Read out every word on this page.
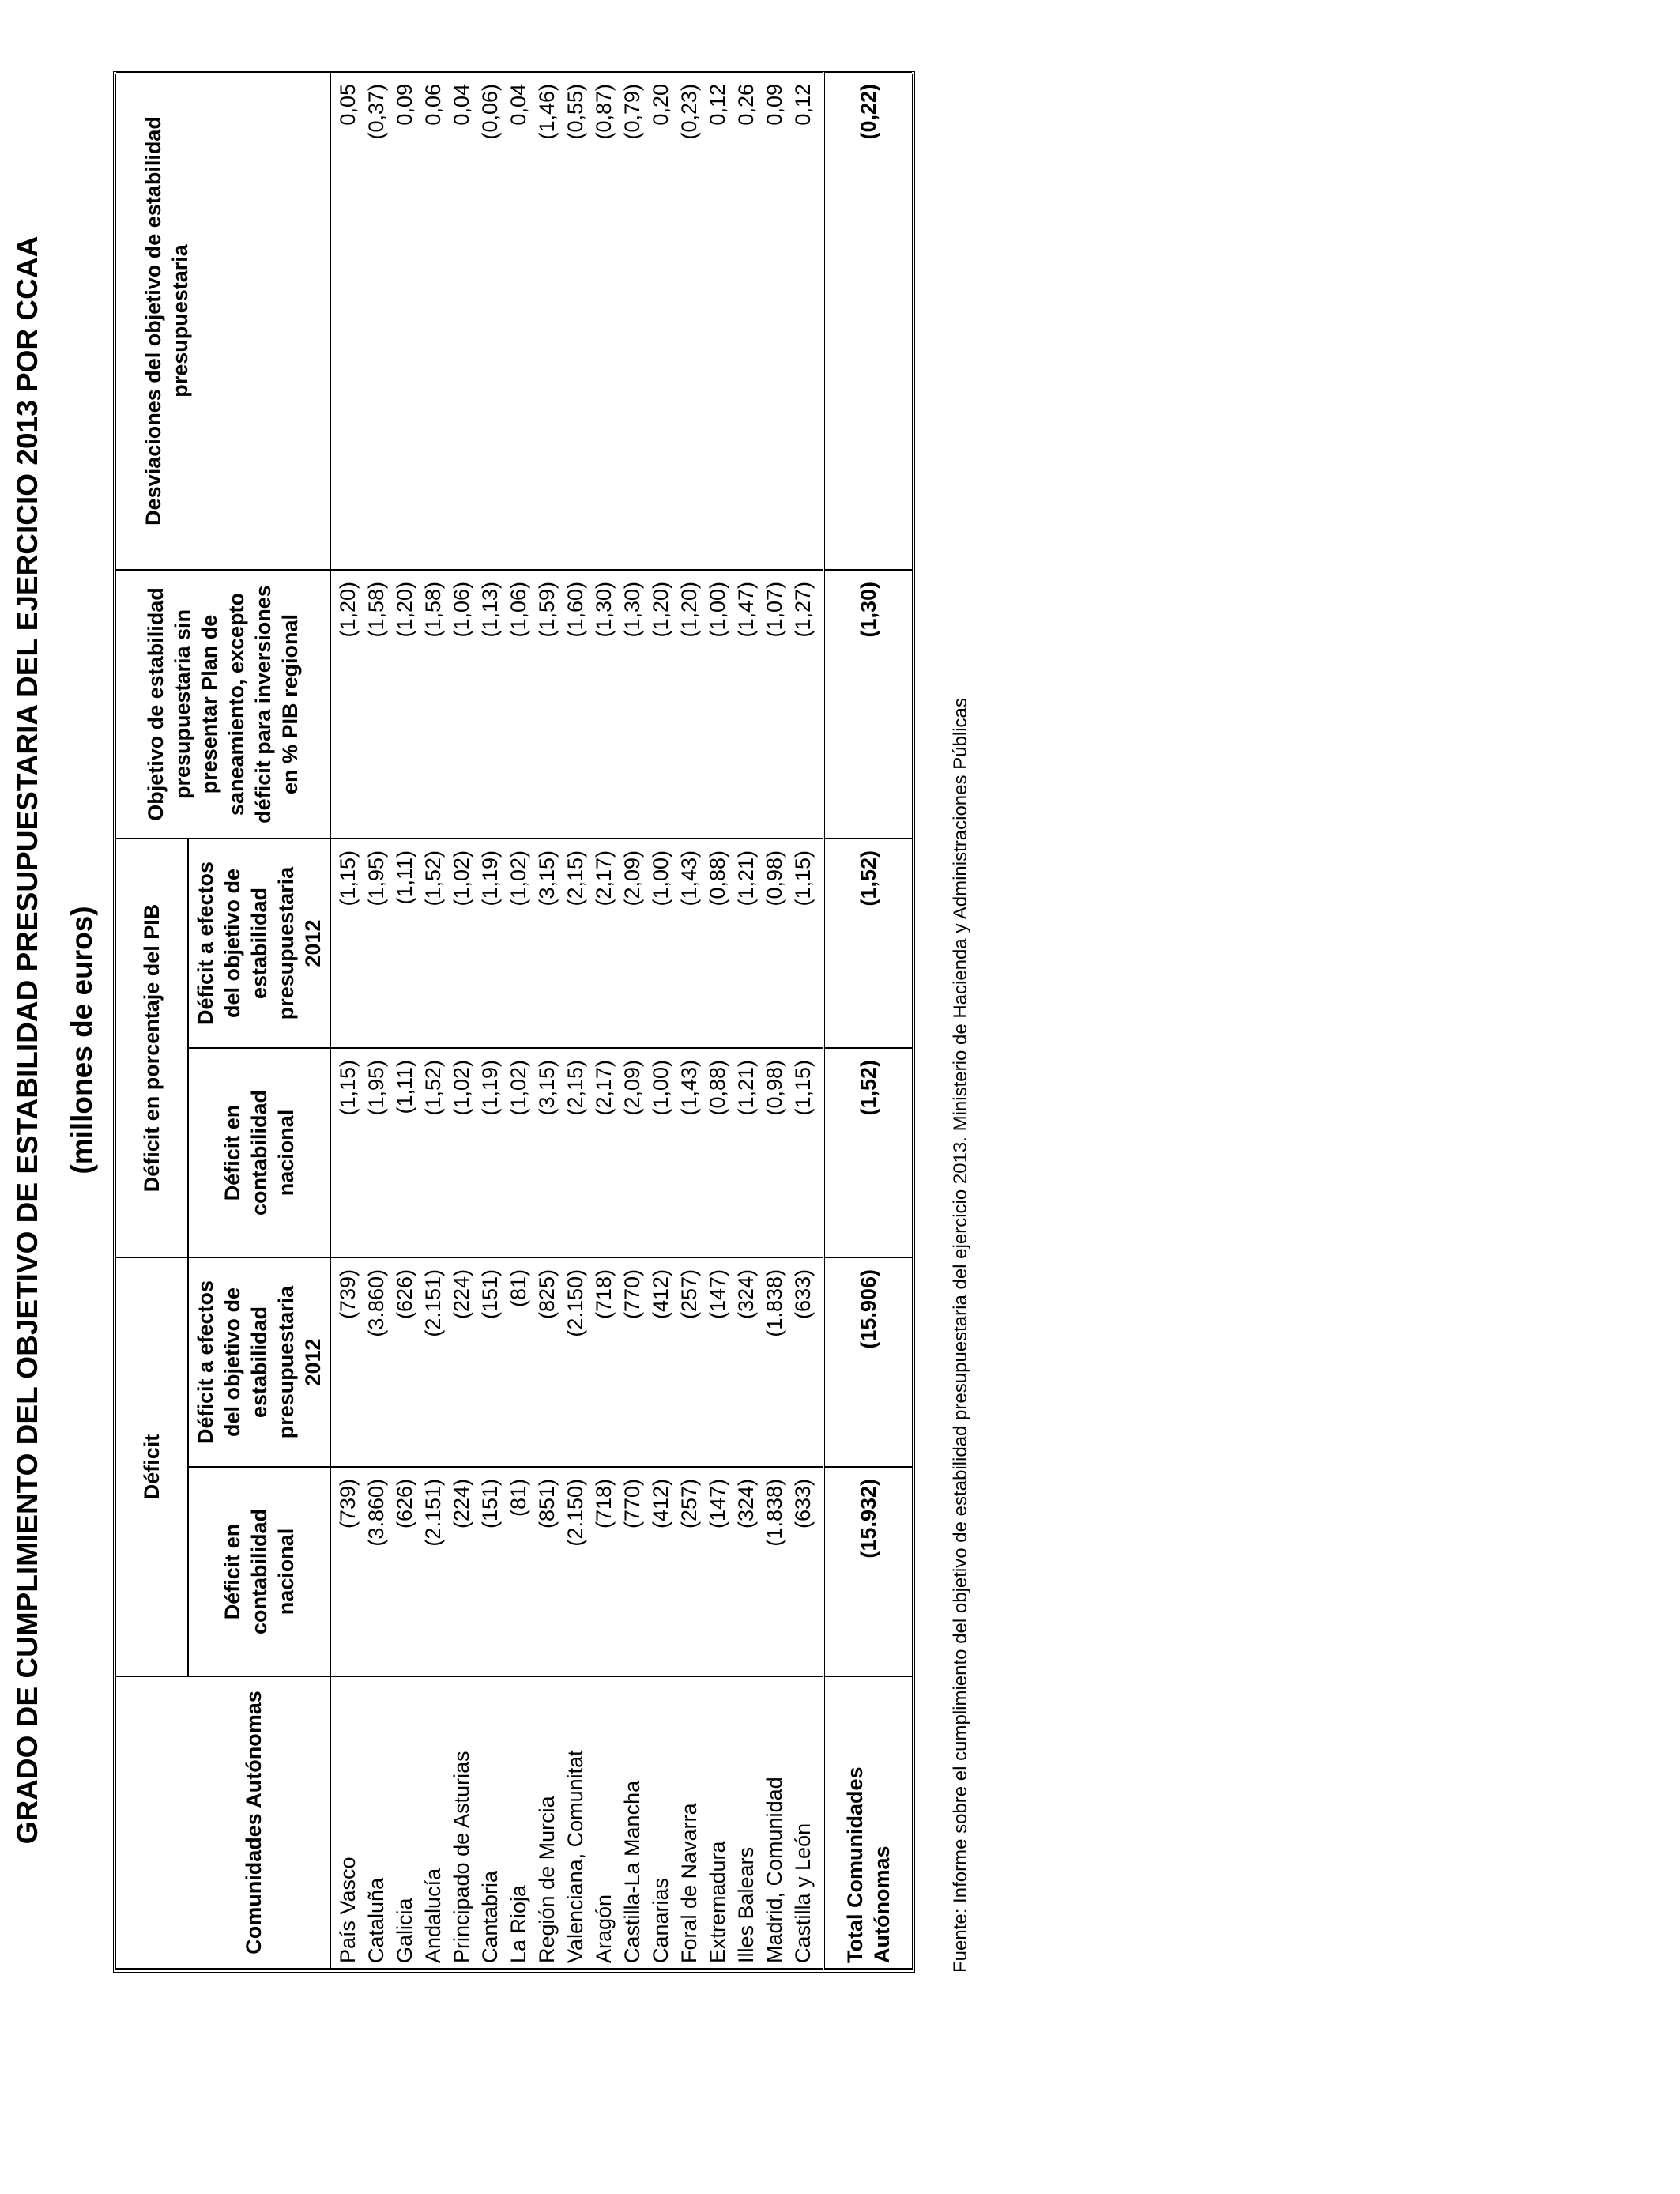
GRADO DE CUMPLIMIENTO DEL OBJETIVO DE ESTABILIDAD PRESUPUESTARIA DEL EJERCICIO 2013 POR CCAA (millones de euros)
Comunidades Autónomas	Déficit		Déficit en porcentaje del PIB		Objetivo de estabilidad presupuestaria sin presentar Plan de saneamiento, excepto déficit para inversiones en % PIB regional	Desviaciones del objetivo de estabilidad presupuestaria
	Déficit en contabilidad nacional	Déficit a efectos del objetivo de estabilidad presupuestaria 2012	Déficit en contabilidad nacional	Déficit a efectos del objetivo de estabilidad presupuestaria 2012		
País Vasco	(739)	(739)	(1,15)	(1,15)	(1,20)	0,05
Cataluña	(3.860)	(3.860)	(1,95)	(1,95)	(1,58)	(0,37)
Galicia	(626)	(626)	(1,11)	(1,11)	(1,20)	0,09
Andalucía	(2.151)	(2.151)	(1,52)	(1,52)	(1,58)	0,06
Principado de Asturias	(224)	(224)	(1,02)	(1,02)	(1,06)	0,04
Cantabria	(151)	(151)	(1,19)	(1,19)	(1,13)	(0,06)
La Rioja	(81)	(81)	(1,02)	(1,02)	(1,06)	0,04
Región de Murcia	(851)	(825)	(3,15)	(3,15)	(1,59)	(1,46)
Valenciana, Comunitat	(2.150)	(2.150)	(2,15)	(2,15)	(1,60)	(0,55)
Aragón	(718)	(718)	(2,17)	(2,17)	(1,30)	(0,87)
Castilla-La Mancha	(770)	(770)	(2,09)	(2,09)	(1,30)	(0,79)
Canarias	(412)	(412)	(1,00)	(1,00)	(1,20)	0,20
Foral de Navarra	(257)	(257)	(1,43)	(1,43)	(1,20)	(0,23)
Extremadura	(147)	(147)	(0,88)	(0,88)	(1,00)	0,12
Illes Balears	(324)	(324)	(1,21)	(1,21)	(1,47)	0,26
Madrid, Comunidad	(1.838)	(1.838)	(0,98)	(0,98)	(1,07)	0,09
Castilla y León	(633)	(633)	(1,15)	(1,15)	(1,27)	0,12
Total Comunidades Autónomas	(15.932)	(15.906)	(1,52)	(1,52)	(1,30)	(0,22)
Fuente: Informe sobre el cumplimiento del objetivo de estabilidad presupuestaria del ejercicio 2013. Ministerio de Hacienda y Administraciones Públicas
